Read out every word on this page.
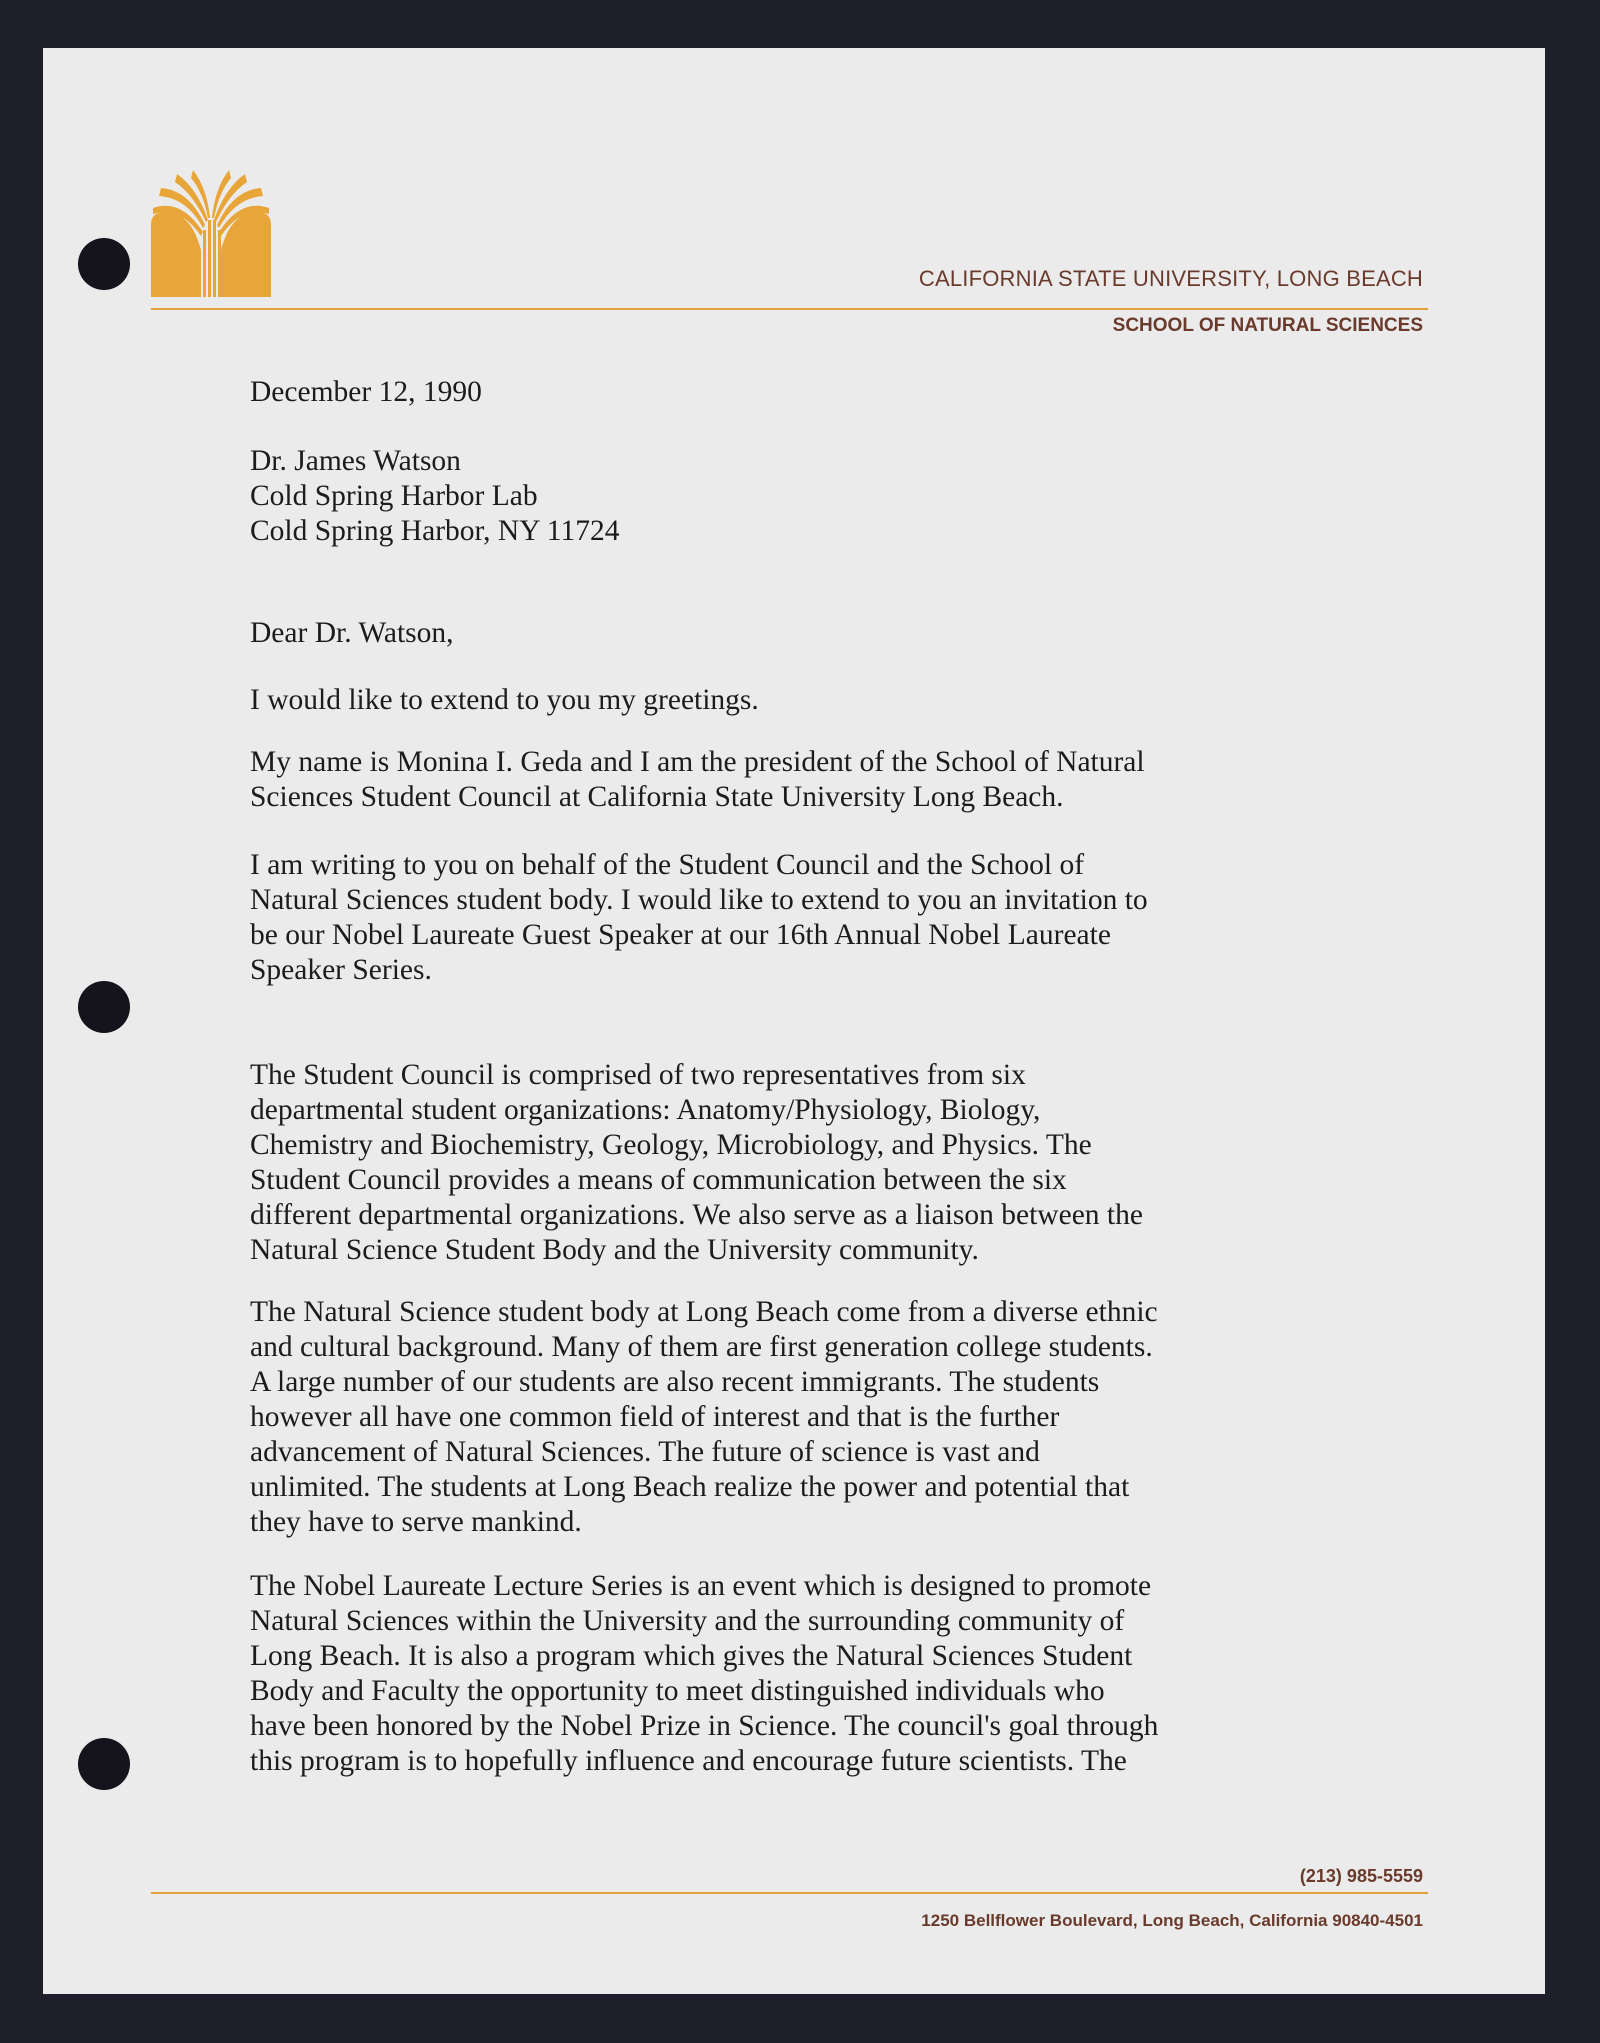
CALIFORNIA STATE UNIVERSITY, LONG BEACH
SCHOOL OF NATURAL SCIENCES
December 12, 1990
Dr. James Watson
Cold Spring Harbor Lab
Cold Spring Harbor, NY 11724
Dear Dr. Watson,
I would like to extend to you my greetings.
My name is Monina I. Geda and I am the president of the School of Natural
Sciences Student Council at California State University Long Beach.
I am writing to you on behalf of the Student Council and the School of
Natural Sciences student body. I would like to extend to you an invitation to
be our Nobel Laureate Guest Speaker at our 16th Annual Nobel Laureate
Speaker Series.
The Student Council is comprised of two representatives from six
departmental student organizations: Anatomy/Physiology, Biology,
Chemistry and Biochemistry, Geology, Microbiology, and Physics. The
Student Council provides a means of communication between the six
different departmental organizations. We also serve as a liaison between the
Natural Science Student Body and the University community.
The Natural Science student body at Long Beach come from a diverse ethnic
and cultural background. Many of them are first generation college students.
A large number of our students are also recent immigrants. The students
however all have one common field of interest and that is the further
advancement of Natural Sciences. The future of science is vast and
unlimited. The students at Long Beach realize the power and potential that
they have to serve mankind.
The Nobel Laureate Lecture Series is an event which is designed to promote
Natural Sciences within the University and the surrounding community of
Long Beach. It is also a program which gives the Natural Sciences Student
Body and Faculty the opportunity to meet distinguished individuals who
have been honored by the Nobel Prize in Science. The council's goal through
this program is to hopefully influence and encourage future scientists. The
(213) 985-5559
1250 Bellflower Boulevard, Long Beach, California 90840-4501
